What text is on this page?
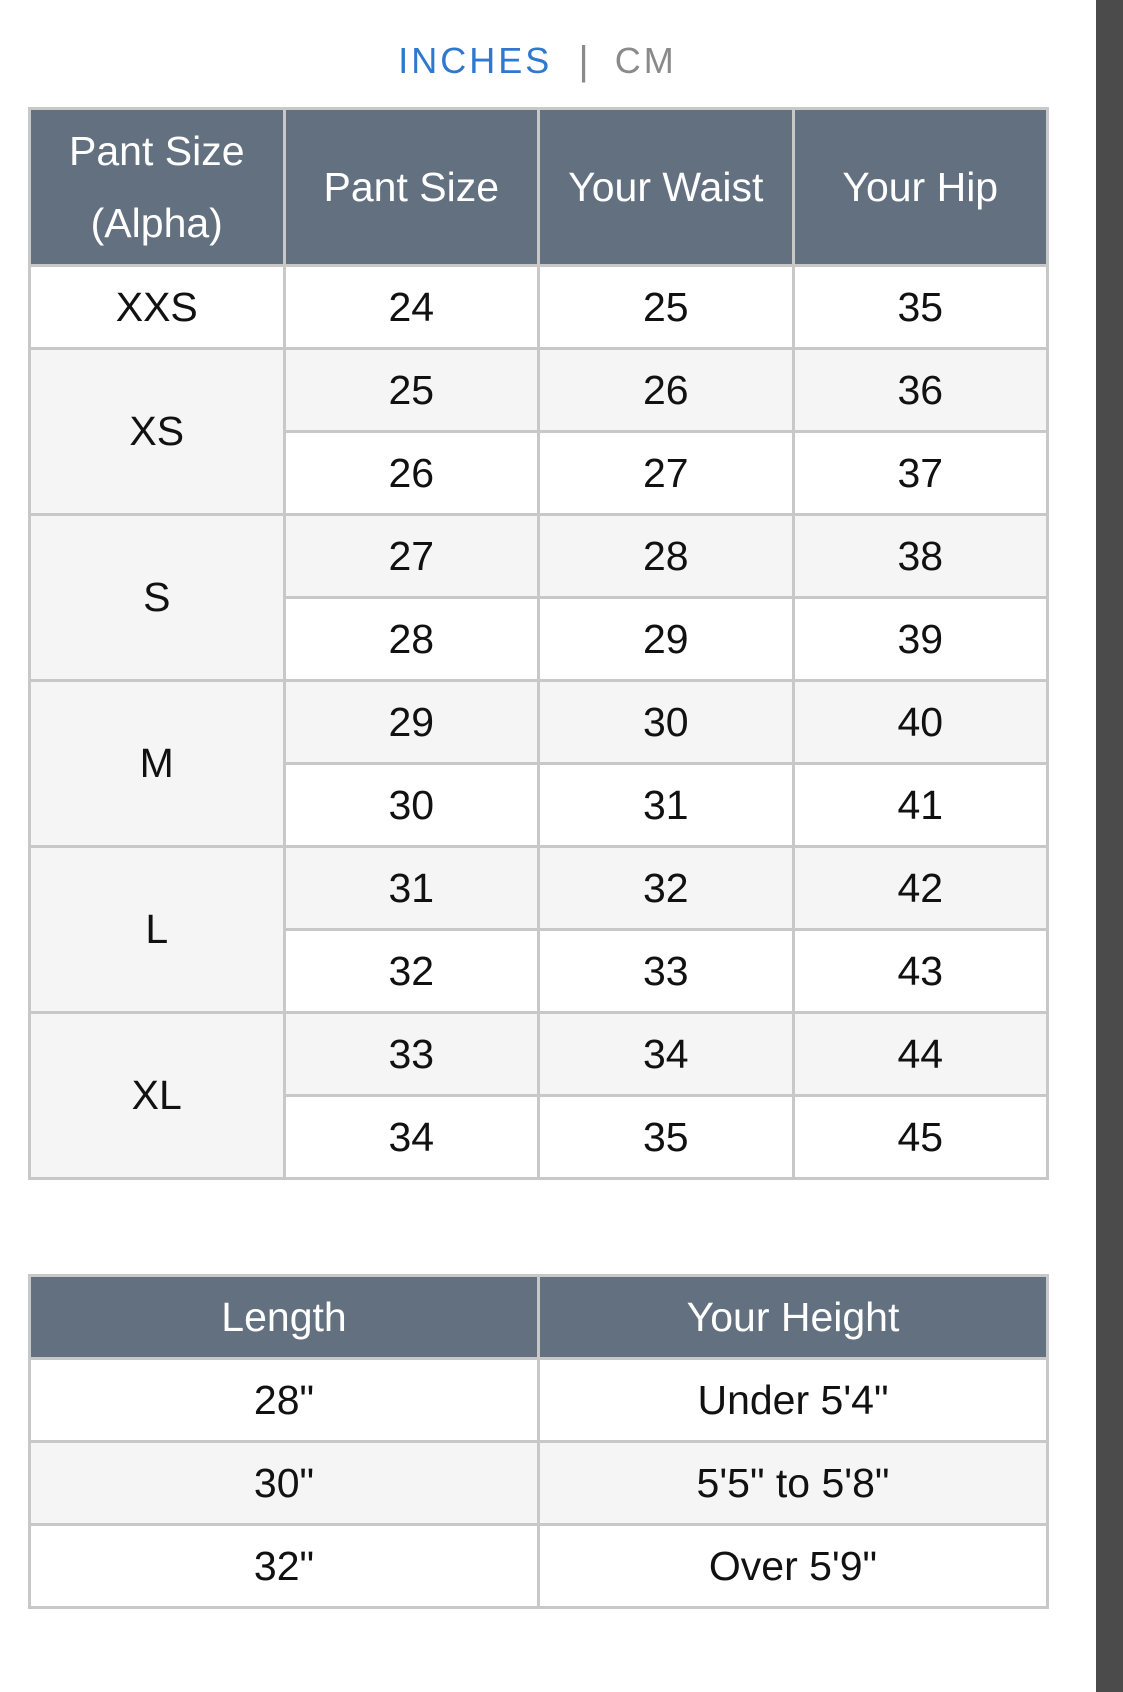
INCHES | CM
Pant Size (Alpha)	Pant Size	Your Waist	Your Hip
XXS	24	25	35
XS	25	26	36
	26	27	37
S	27	28	38
	28	29	39
M	29	30	40
	30	31	41
L	31	32	42
	32	33	43
XL	33	34	44
	34	35	45
Length	Your Height
28"	Under 5'4"
30"	5'5" to 5'8"
32"	Over 5'9"
